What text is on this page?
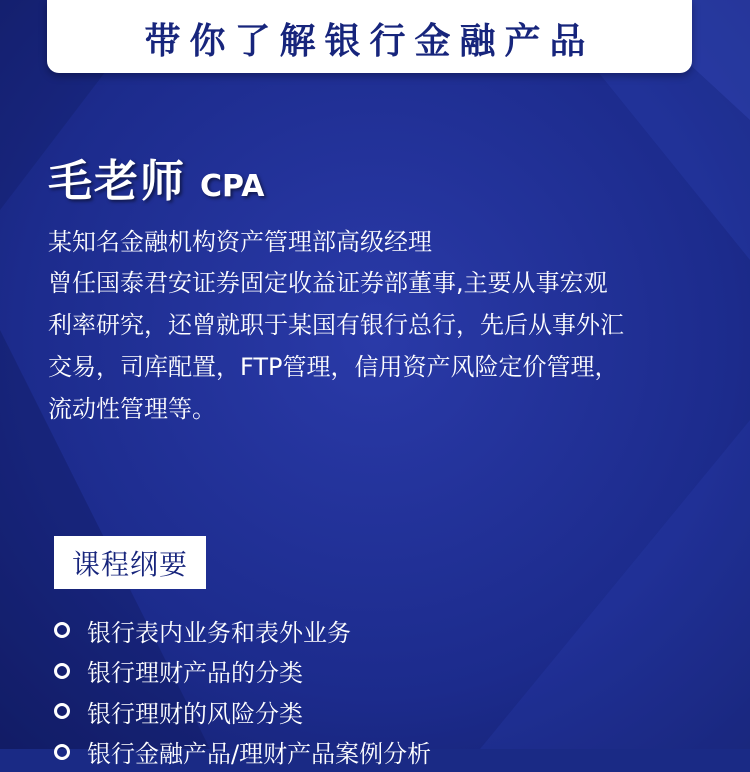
带你了解银行金融产品
毛老师 CPA
某知名金融机构资产管理部高级经理
曾任国泰君安证券固定收益证券部董事,主要从事宏观
利率研究，还曾就职于某国有银行总行，先后从事外汇
交易，司库配置，FTP管理，信用资产风险定价管理，
流动性管理等。
课程纲要
银行表内业务和表外业务
银行理财产品的分类
银行理财的风险分类
银行金融产品/理财产品案例分析
